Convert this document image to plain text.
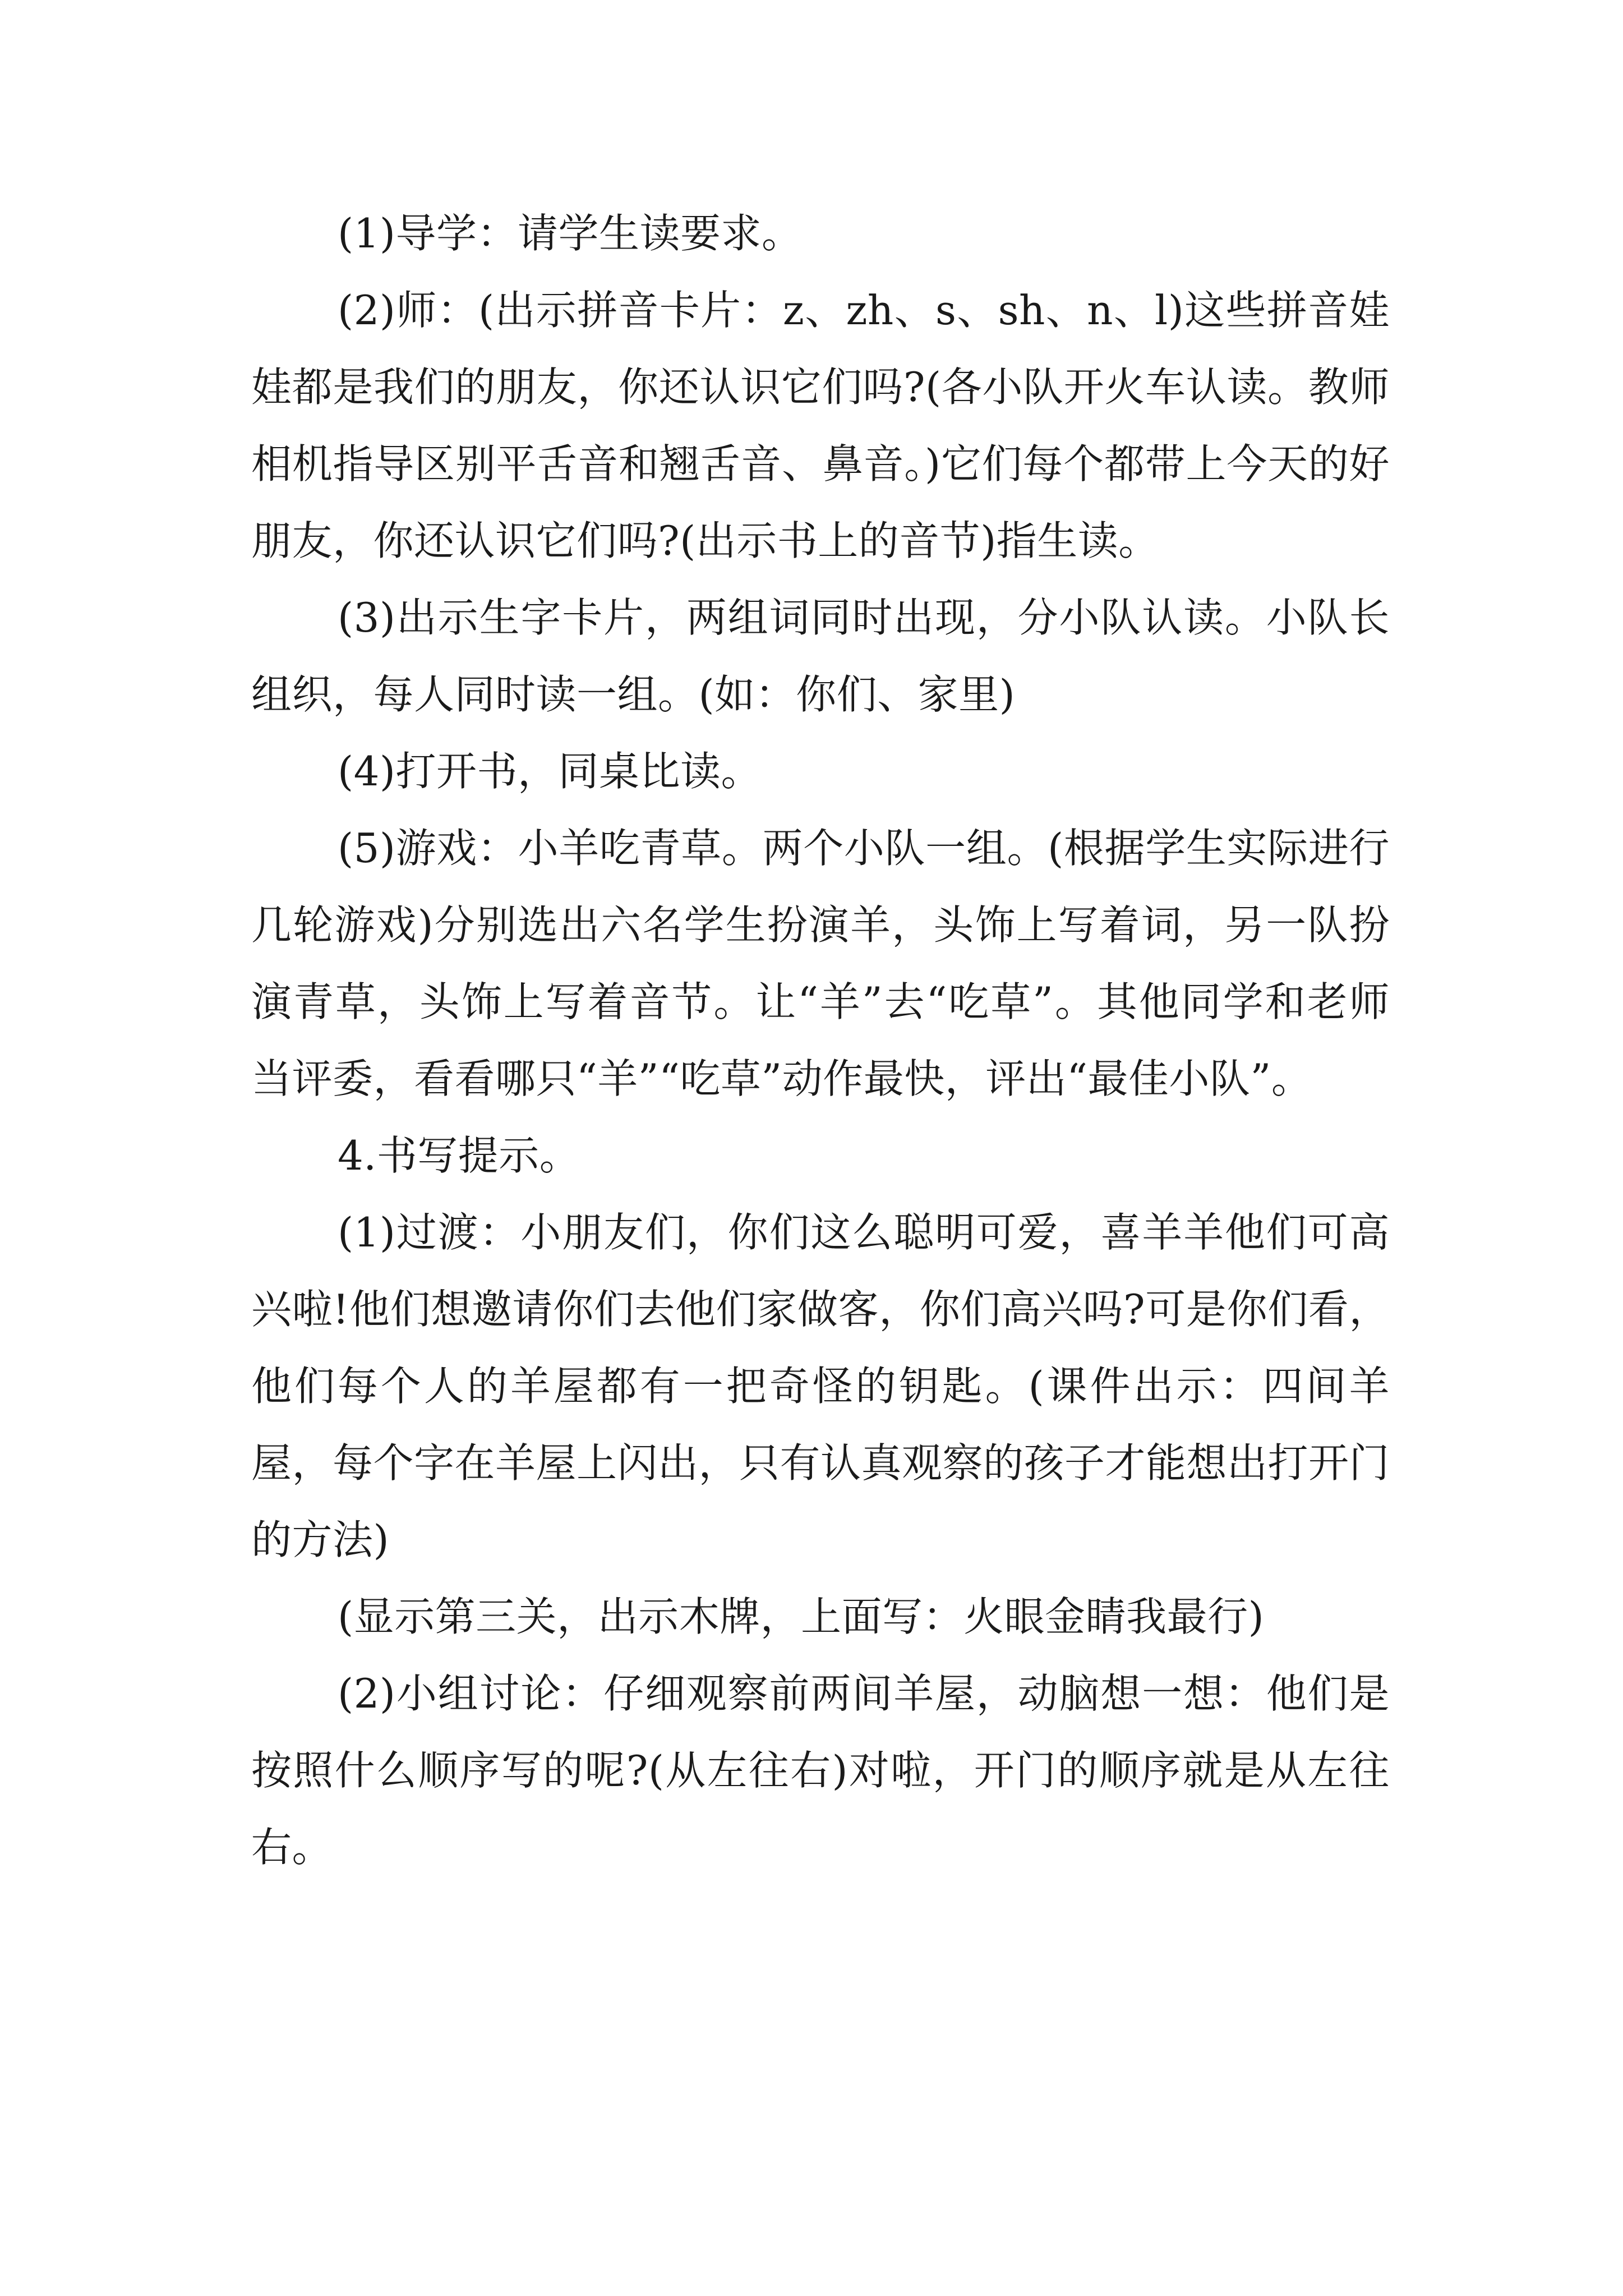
(1)导学：请学生读要求。

(2)师：(出示拼音卡片：z、zh、s、sh、n、l)这些拼音娃娃都是我们的朋友，你还认识它们吗?(各小队开火车认读。教师相机指导区别平舌音和翘舌音、鼻音。)它们每个都带上今天的好朋友，你还认识它们吗?(出示书上的音节)指生读。

(3)出示生字卡片，两组词同时出现，分小队认读。小队长组织，每人同时读一组。(如：你们、家里)

(4)打开书，同桌比读。

(5)游戏：小羊吃青草。两个小队一组。(根据学生实际进行几轮游戏)分别选出六名学生扮演羊，头饰上写着词，另一队扮演青草，头饰上写着音节。让“羊”去“吃草”。其他同学和老师当评委，看看哪只“羊”“吃草”动作最快，评出“最佳小队”。

4.书写提示。

(1)过渡：小朋友们，你们这么聪明可爱，喜羊羊他们可高兴啦!他们想邀请你们去他们家做客，你们高兴吗?可是你们看，他们每个人的羊屋都有一把奇怪的钥匙。(课件出示：四间羊屋，每个字在羊屋上闪出，只有认真观察的孩子才能想出打开门的方法)

(显示第三关，出示木牌，上面写：火眼金睛我最行)

(2)小组讨论：仔细观察前两间羊屋，动脑想一想：他们是按照什么顺序写的呢?(从左往右)对啦，开门的顺序就是从左往右。
